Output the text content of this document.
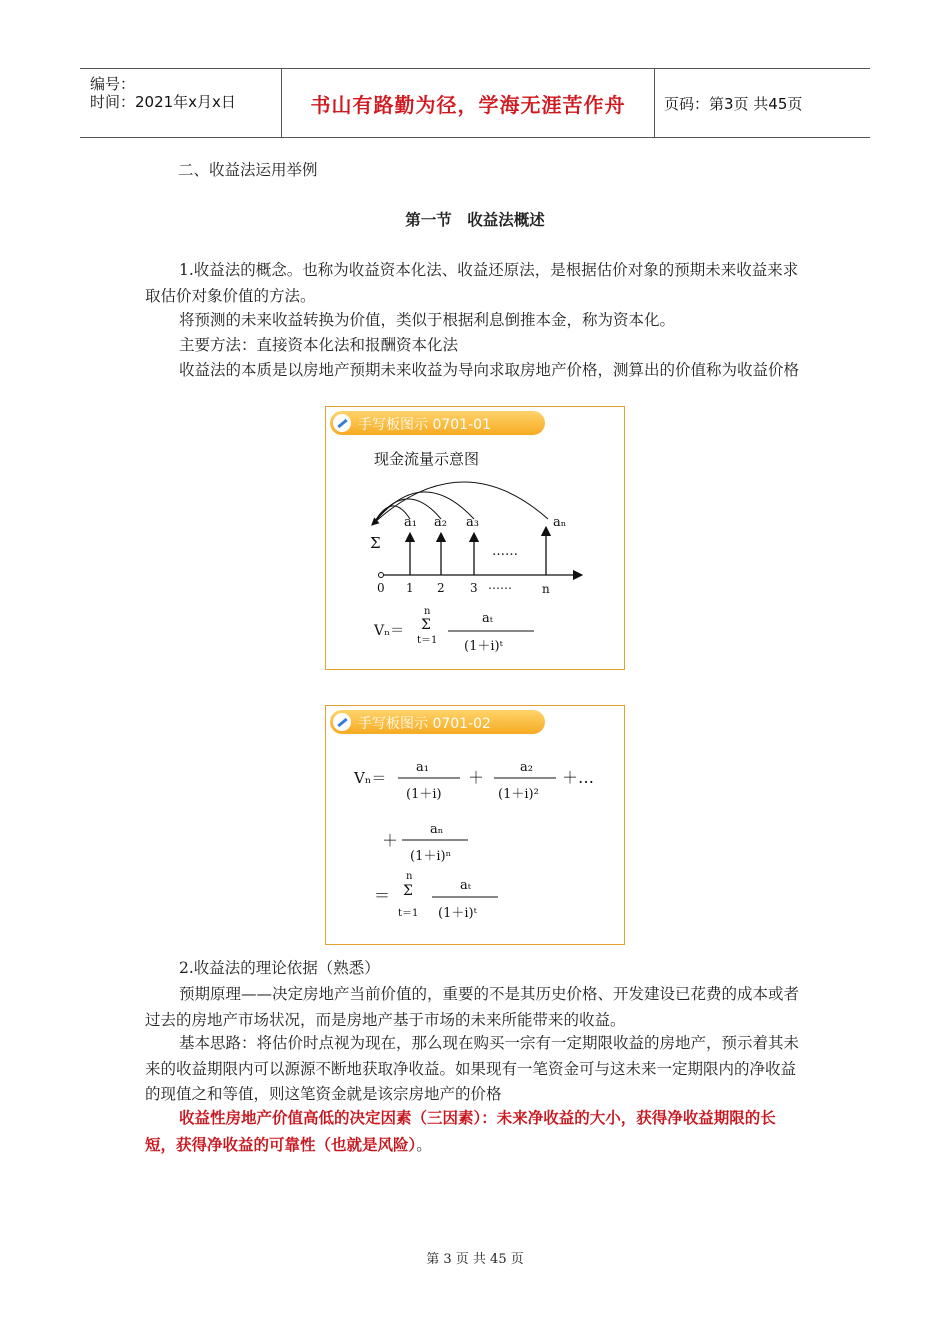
编号：
时间：2021年x月x日	书山有路勤为径，学海无涯苦作舟	页码：第3页 共45页
二、收益法运用举例
第一节　收益法概述
1.收益法的概念。也称为收益资本化法、收益还原法，是根据估价对象的预期未来收益来求取估价对象价值的方法。
将预测的未来收益转换为价值，类似于根据利息倒推本金，称为资本化。
主要方法：直接资本化法和报酬资本化法
收益法的本质是以房地产预期未来收益为导向求取房地产价格，测算出的价值称为收益价格
手写板图示 0701-01
现金流量示意图
a₁ a₂ a₃	aₙ
Σ	……
0 1 2 3 ……	n
Vₙ＝
n
Σ
t＝1
aₜ
(1＋i)ᵗ
手写板图示 0701-02
Vₙ＝
a₁
(1＋i)
＋
a₂
(1＋i)²
＋…
＋
aₙ
(1＋i)ⁿ
＝
n
Σ
t＝1
aₜ
(1＋i)ᵗ
2.收益法的理论依据（熟悉）
预期原理——决定房地产当前价值的，重要的不是其历史价格、开发建设已花费的成本或者过去的房地产市场状况，而是房地产基于市场的未来所能带来的收益。
基本思路：将估价时点视为现在，那么现在购买一宗有一定期限收益的房地产，预示着其未来的收益期限内可以源源不断地获取净收益。如果现有一笔资金可与这未来一定期限内的净收益的现值之和等值，则这笔资金就是该宗房地产的价格
收益性房地产价值高低的决定因素（三因素）：未来净收益的大小，获得净收益期限的长短，获得净收益的可靠性（也就是风险）。
第 3 页 共 45 页
